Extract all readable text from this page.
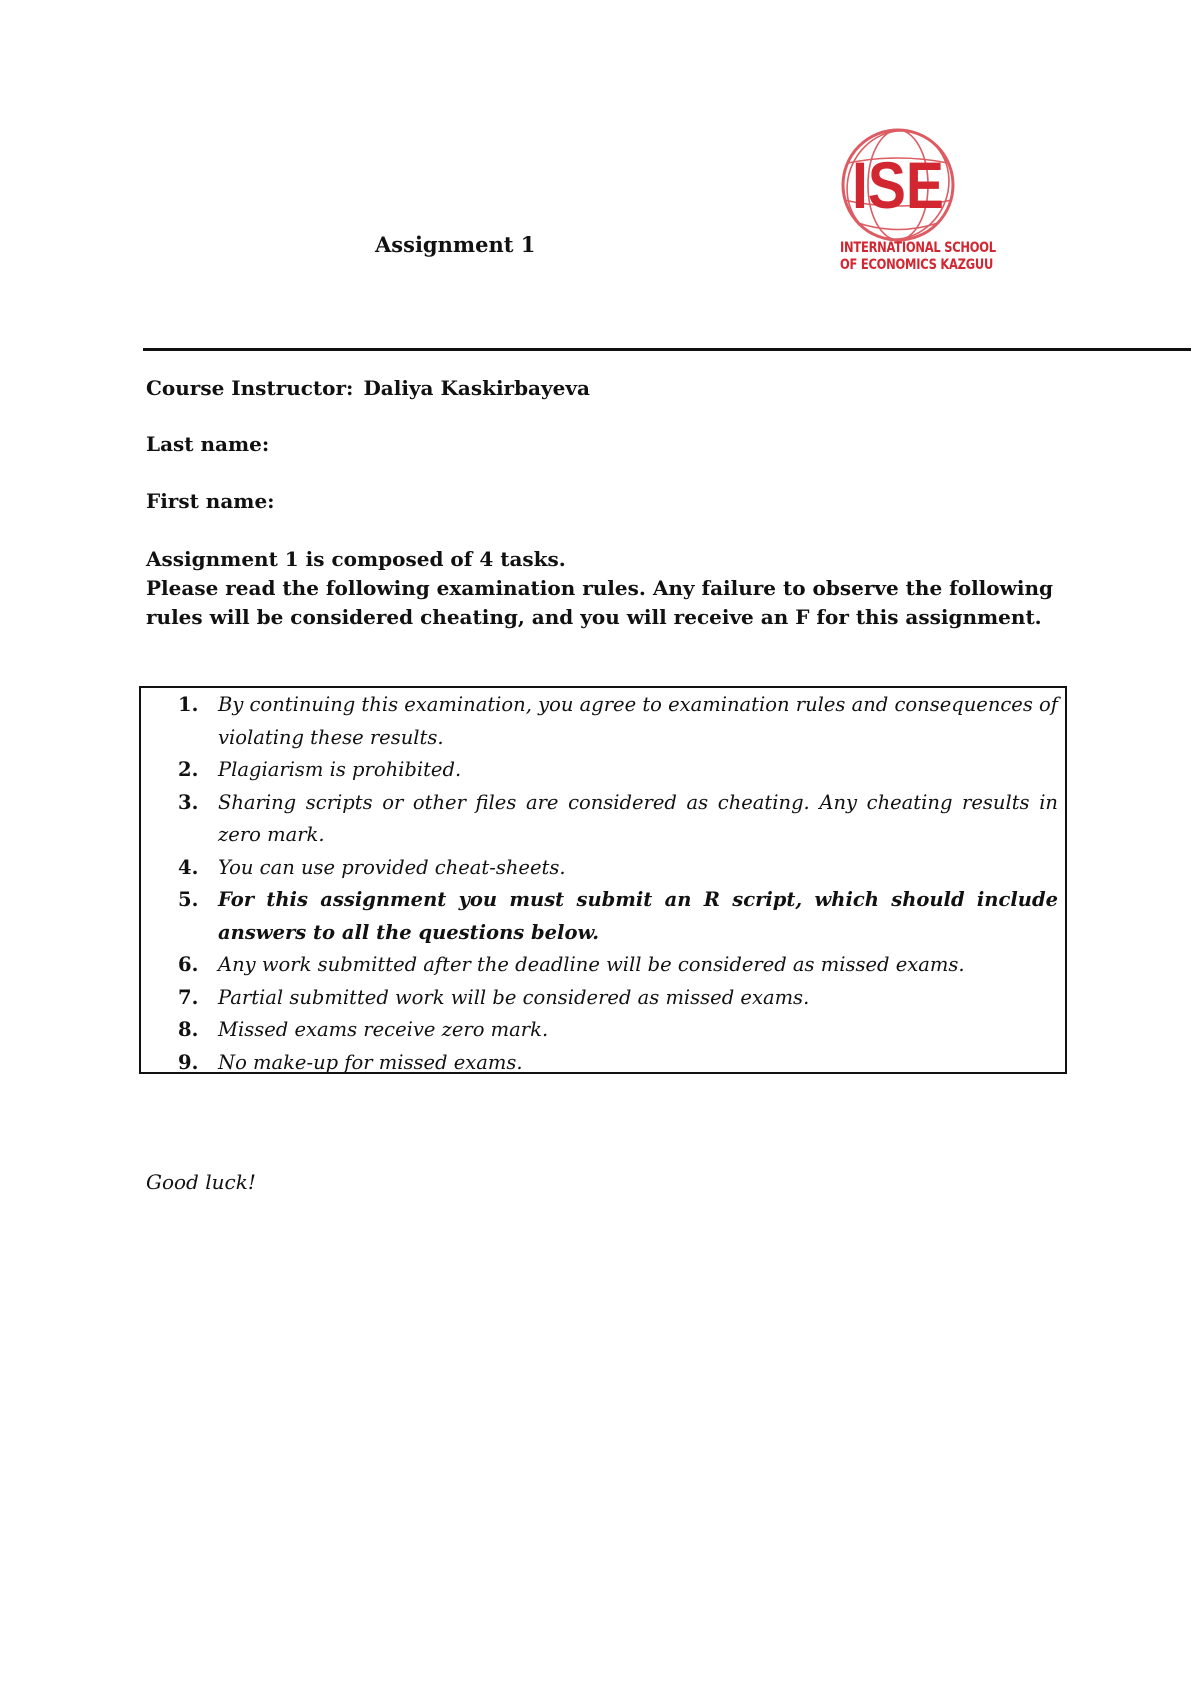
Assignment 1
ISE
INTERNATIONAL SCHOOL
OF ECONOMICS KAZGUU
Course Instructor: Daliya Kaskirbayeva
Last name:
First name:

Assignment 1 is composed of 4 tasks.

Please read the following examination rules. Any failure to observe the following rules will be considered cheating, and you will receive an F for this assignment.

1.	By continuing this examination, you agree to examination rules and consequences of violating these results.
2.	Plagiarism is prohibited.
3.	Sharing scripts or other files are considered as cheating. Any cheating results in zero mark.
4.	You can use provided cheat-sheets.
5.	For this assignment you must submit an R script, which should include answers to all the questions below.
6.	Any work submitted after the deadline will be considered as missed exams.
7.	Partial submitted work will be considered as missed exams.
8.	Missed exams receive zero mark.
9.	No make-up for missed exams.
Good luck!
